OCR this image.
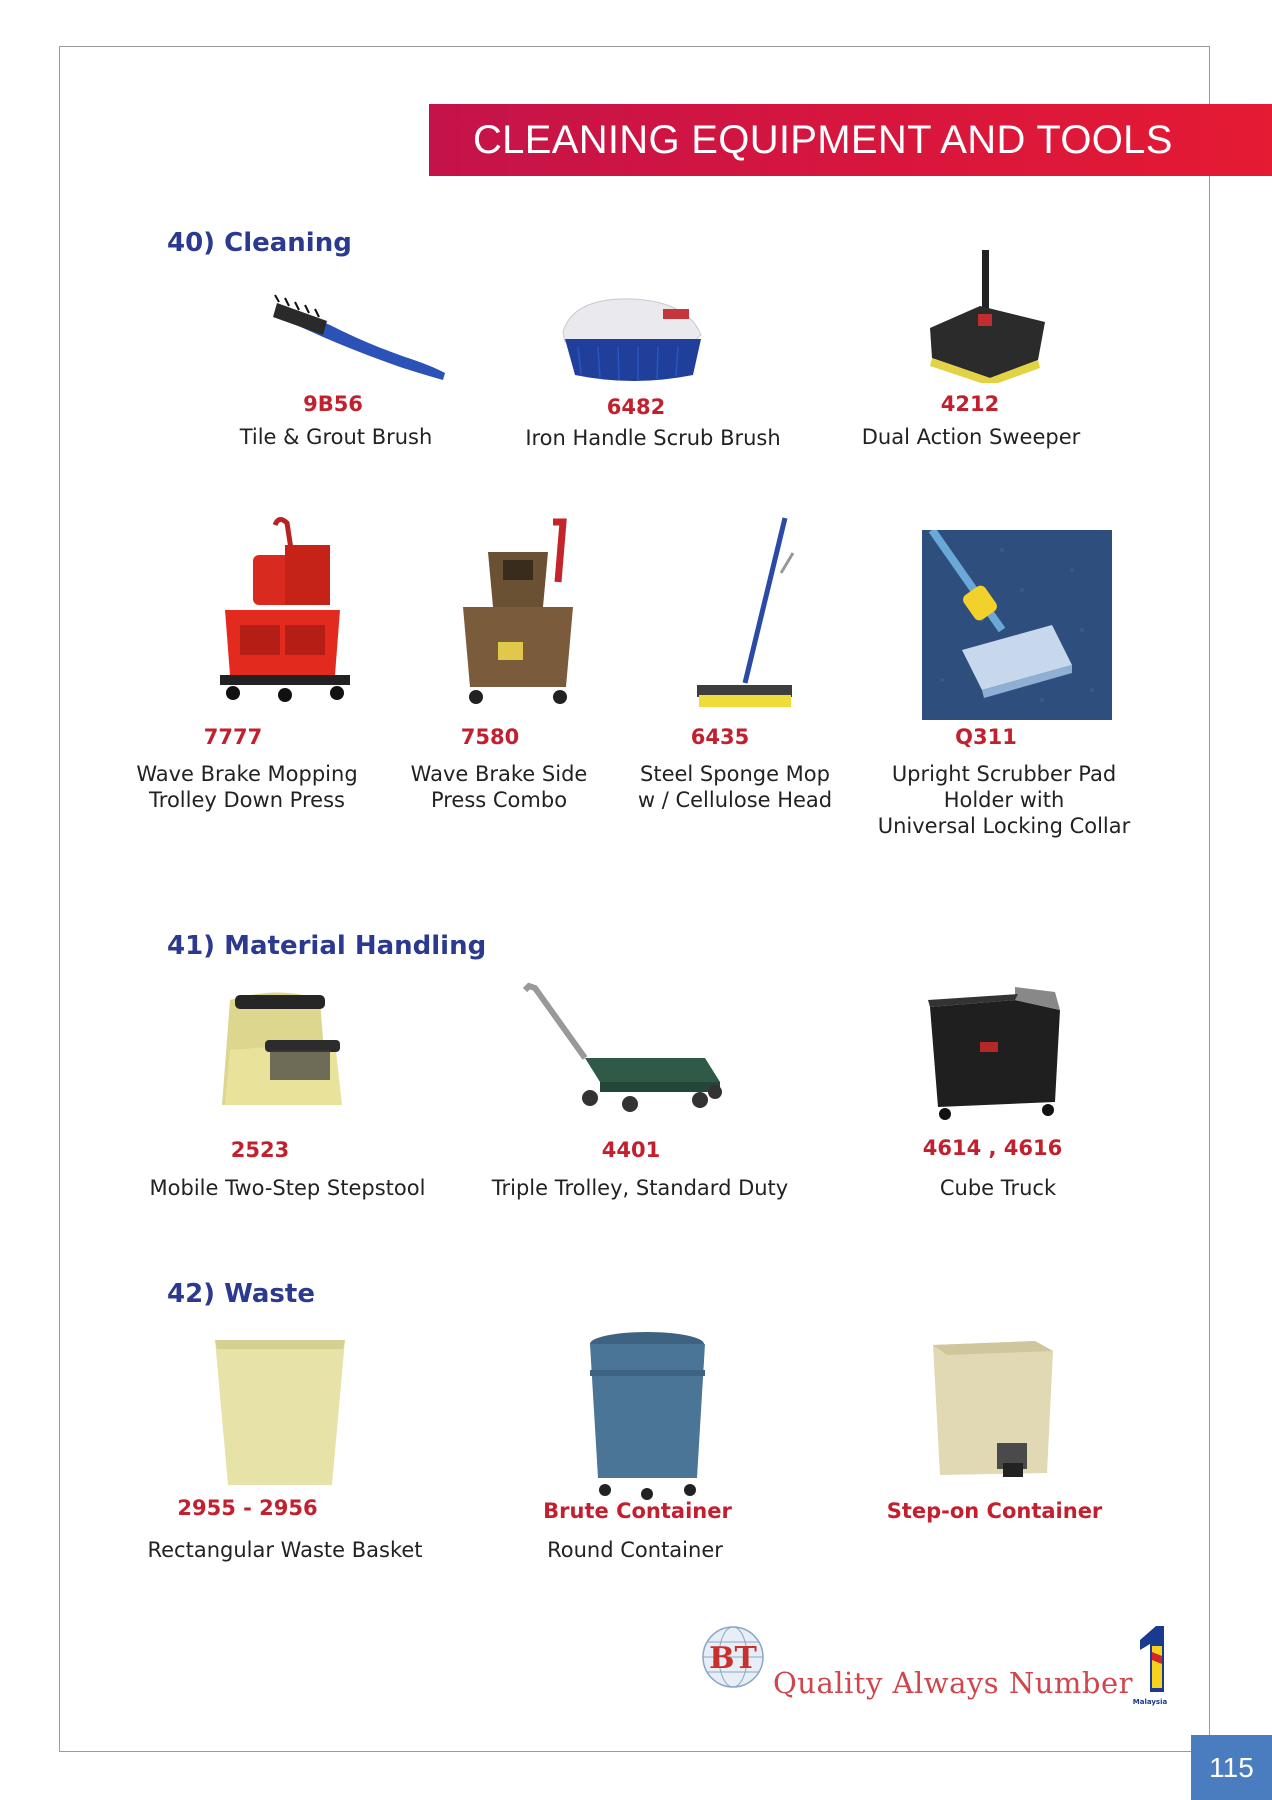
CLEANING EQUIPMENT AND TOOLS
40) Cleaning
9B56
Tile & Grout Brush
6482
Iron Handle Scrub Brush
4212
Dual Action Sweeper
7777
Wave Brake Mopping
Trolley Down Press
7580
Wave Brake Side
Press Combo
6435
Steel Sponge Mop
w / Cellulose Head
Q311
Upright Scrubber Pad
Holder with
Universal Locking Collar
41) Material Handling
2523
Mobile Two-Step Stepstool
4401
Triple Trolley, Standard Duty
4614 , 4616
Cube Truck
42) Waste
2955 - 2956
Rectangular Waste Basket
Brute Container
Round Container
Step-on Container
BT
Quality Always Number
Malaysia
115
